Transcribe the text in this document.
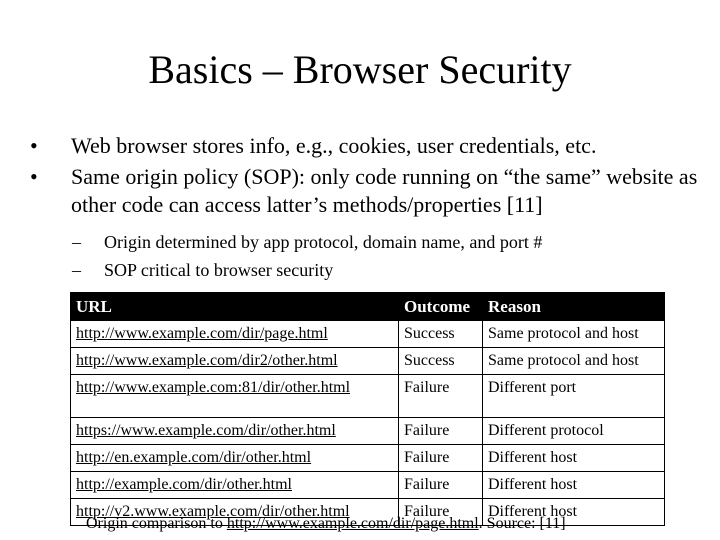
Basics – Browser Security
•	Web browser stores info, e.g., cookies, user credentials, etc.
•	Same origin policy (SOP): only code running on “the same” website as other code can access latter’s methods/properties [11]
–	Origin determined by app protocol, domain name, and port #
–	SOP critical to browser security
URL	Outcome	Reason
http://www.example.com/dir/page.html	Success	Same protocol and host
http://www.example.com/dir2/other.html	Success	Same protocol and host
http://www.example.com:81/dir/other.html	Failure	Different port
https://www.example.com/dir/other.html	Failure	Different protocol
http://en.example.com/dir/other.html	Failure	Different host
http://example.com/dir/other.html	Failure	Different host
http://v2.www.example.com/dir/other.html	Failure	Different host
Origin comparison to http://www.example.com/dir/page.html. Source: [11]
